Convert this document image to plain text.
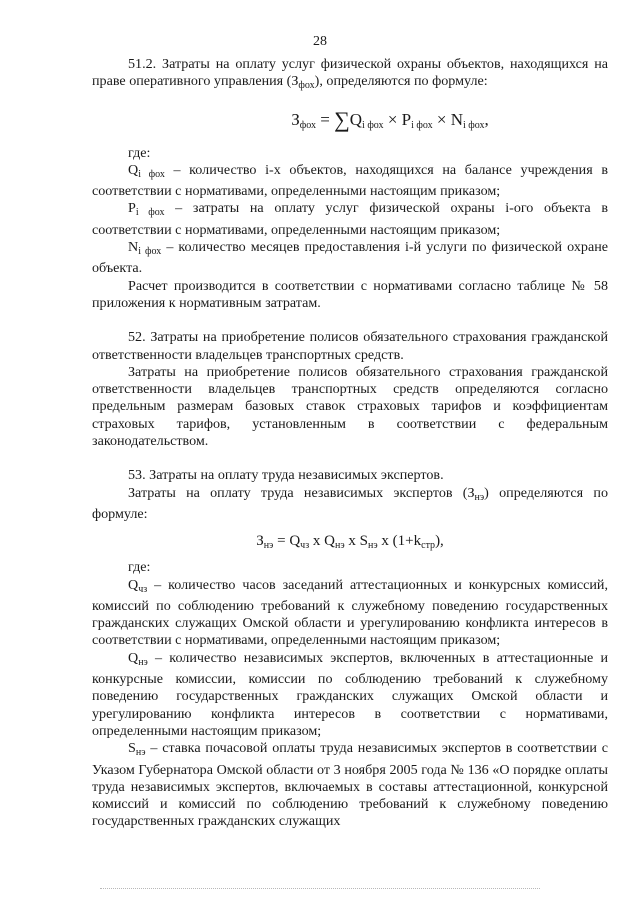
28

51.2. Затраты на оплату услуг физической охраны объектов, находящихся на праве оперативного управления $(З_{фох})$, определяются по формуле:

$З_{фох} = \sum Q_{i фох} \times P_{i фох} \times N_{i фох}$,

где:

$Q_{i фох}$ – количество i-х объектов, находящихся на балансе учреждения в соответствии с нормативами, определенными настоящим приказом;

$P_{i фох}$ – затраты на оплату услуг физической охраны i-ого объекта в соответствии с нормативами, определенными настоящим приказом;

$N_{i фох}$ – количество месяцев предоставления i-й услуги по физической охране объекта.

Расчет производится в соответствии с нормативами согласно таблице № 58 приложения к нормативным затратам.

52. Затраты на приобретение полисов обязательного страхования гражданской ответственности владельцев транспортных средств.

Затраты на приобретение полисов обязательного страхования гражданской ответственности владельцев транспортных средств определяются согласно предельным размерам базовых ставок страховых тарифов и коэффициентам страховых тарифов, установленным в соответствии с федеральным законодательством.

53. Затраты на оплату труда независимых экспертов.

Затраты на оплату труда независимых экспертов $(З_{нэ})$ определяются по формуле:

$З_{нэ} = Q_{чз}$ x $Q_{нэ}$ x $S_{нэ}$ x $(1+k_{стр})$,

где:

$Q_{чз}$ – количество часов заседаний аттестационных и конкурсных комиссий, комиссий по соблюдению требований к служебному поведению государственных гражданских служащих Омской области и урегулированию конфликта интересов в соответствии с нормативами, определенными настоящим приказом;

$Q_{нэ}$ – количество независимых экспертов, включенных в аттестационные и конкурсные комиссии, комиссии по соблюдению требований к служебному поведению государственных гражданских служащих Омской области и урегулированию конфликта интересов в соответствии с нормативами, определенными настоящим приказом;

$S_{нэ}$ – ставка почасовой оплаты труда независимых экспертов в соответствии с Указом Губернатора Омской области от 3 ноября 2005 года № 136 «О порядке оплаты труда независимых экспертов, включаемых в составы аттестационной, конкурсной комиссий и комиссий по соблюдению требований к служебному поведению государственных гражданских служащих
